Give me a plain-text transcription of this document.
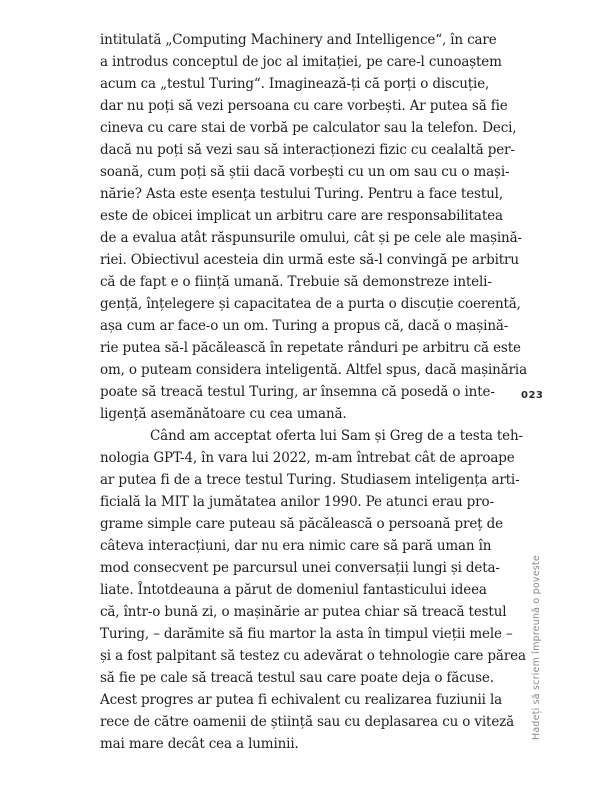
intitulată „Computing Machinery and Intelligence“, în care
a introdus conceptul de joc al imitației, pe care-l cunoaștem
acum ca „testul Turing“. Imaginează-ți că porți o discuție,
dar nu poți să vezi persoana cu care vorbești. Ar putea să fie
cineva cu care stai de vorbă pe calculator sau la telefon. Deci,
dacă nu poți să vezi sau să interacționezi fizic cu cealaltă per-
soană, cum poți să știi dacă vorbești cu un om sau cu o mași-
nărie? Asta este esența testului Turing. Pentru a face testul,
este de obicei implicat un arbitru care are responsabilitatea
de a evalua atât răspunsurile omului, cât și pe cele ale mașină-
riei. Obiectivul acesteia din urmă este să-l convingă pe arbitru
că de fapt e o ființă umană. Trebuie să demonstreze inteli-
gență, înțelegere și capacitatea de a purta o discuție coerentă,
așa cum ar face-o un om. Turing a propus că, dacă o mașină-
rie putea să-l păcălească în repetate rânduri pe arbitru că este
om, o puteam considera inteligentă. Altfel spus, dacă mașinăria
poate să treacă testul Turing, ar însemna că posedă o inte-
ligență asemănătoare cu cea umană.
Când am acceptat oferta lui Sam și Greg de a testa teh-
nologia GPT-4, în vara lui 2022, m-am întrebat cât de aproape
ar putea fi de a trece testul Turing. Studiasem inteligența arti-
ficială la MIT la jumătatea anilor 1990. Pe atunci erau pro-
grame simple care puteau să păcălească o persoană preț de
câteva interacțiuni, dar nu era nimic care să pară uman în
mod consecvent pe parcursul unei conversații lungi și deta-
liate. Întotdeauna a părut de domeniul fantasticului ideea
că, într-o bună zi, o mașinărie ar putea chiar să treacă testul
Turing, – darămite să fiu martor la asta în timpul vieții mele –
și a fost palpitant să testez cu adevărat o tehnologie care părea
să fie pe cale să treacă testul sau care poate deja o făcuse.
Acest progres ar putea fi echivalent cu realizarea fuziunii la
rece de către oamenii de știință sau cu deplasarea cu o viteză
mai mare decât cea a luminii.
023
Hadeți să scriem împreună o poveste
